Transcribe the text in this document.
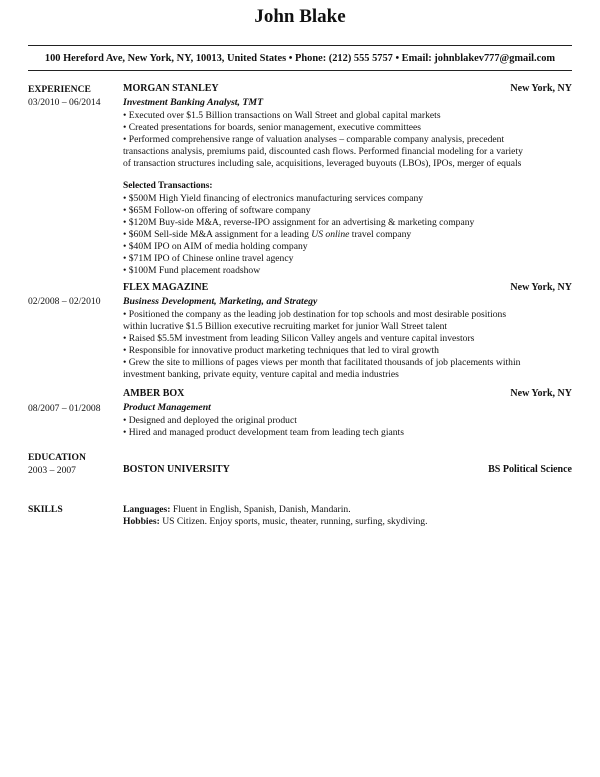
John Blake
100 Hereford Ave, New York, NY, 10013, United States • Phone: (212) 555 5757 • Email: johnblakev777@gmail.com
EXPERIENCE
03/2010 – 06/2014
MORGAN STANLEY	New York, NY
Investment Banking Analyst, TMT
• Executed over $1.5 Billion transactions on Wall Street and global capital markets
• Created presentations for boards, senior management, executive committees
• Performed comprehensive range of valuation analyses – comparable company analysis, precedent
transactions analysis, premiums paid, discounted cash flows. Performed financial modeling for a variety
of transaction structures including sale, acquisitions, leveraged buyouts (LBOs), IPOs, merger of equals
Selected Transactions:
• $500M High Yield financing of electronics manufacturing services company
• $65M Follow-on offering of software company
• $120M Buy-side M&A, reverse-IPO assignment for an advertising & marketing company
• $60M Sell-side M&A assignment for a leading US online travel company
• $40M IPO on AIM of media holding company
• $71M IPO of Chinese online travel agency
• $100M Fund placement roadshow
02/2008 – 02/2010
FLEX MAGAZINE	New York, NY
Business Development, Marketing, and Strategy
• Positioned the company as the leading job destination for top schools and most desirable positions
within lucrative $1.5 Billion executive recruiting market for junior Wall Street talent
• Raised $5.5M investment from leading Silicon Valley angels and venture capital investors
• Responsible for innovative product marketing techniques that led to viral growth
• Grew the site to millions of pages views per month that facilitated thousands of job placements within
investment banking, private equity, venture capital and media industries
08/2007 – 01/2008
AMBER BOX	New York, NY
Product Management
• Designed and deployed the original product
• Hired and managed product development team from leading tech giants
EDUCATION
2003 – 2007	BOSTON UNIVERSITY	BS Political Science
SKILLS	Languages: Fluent in English, Spanish, Danish, Mandarin.
Hobbies: US Citizen. Enjoy sports, music, theater, running, surfing, skydiving.
